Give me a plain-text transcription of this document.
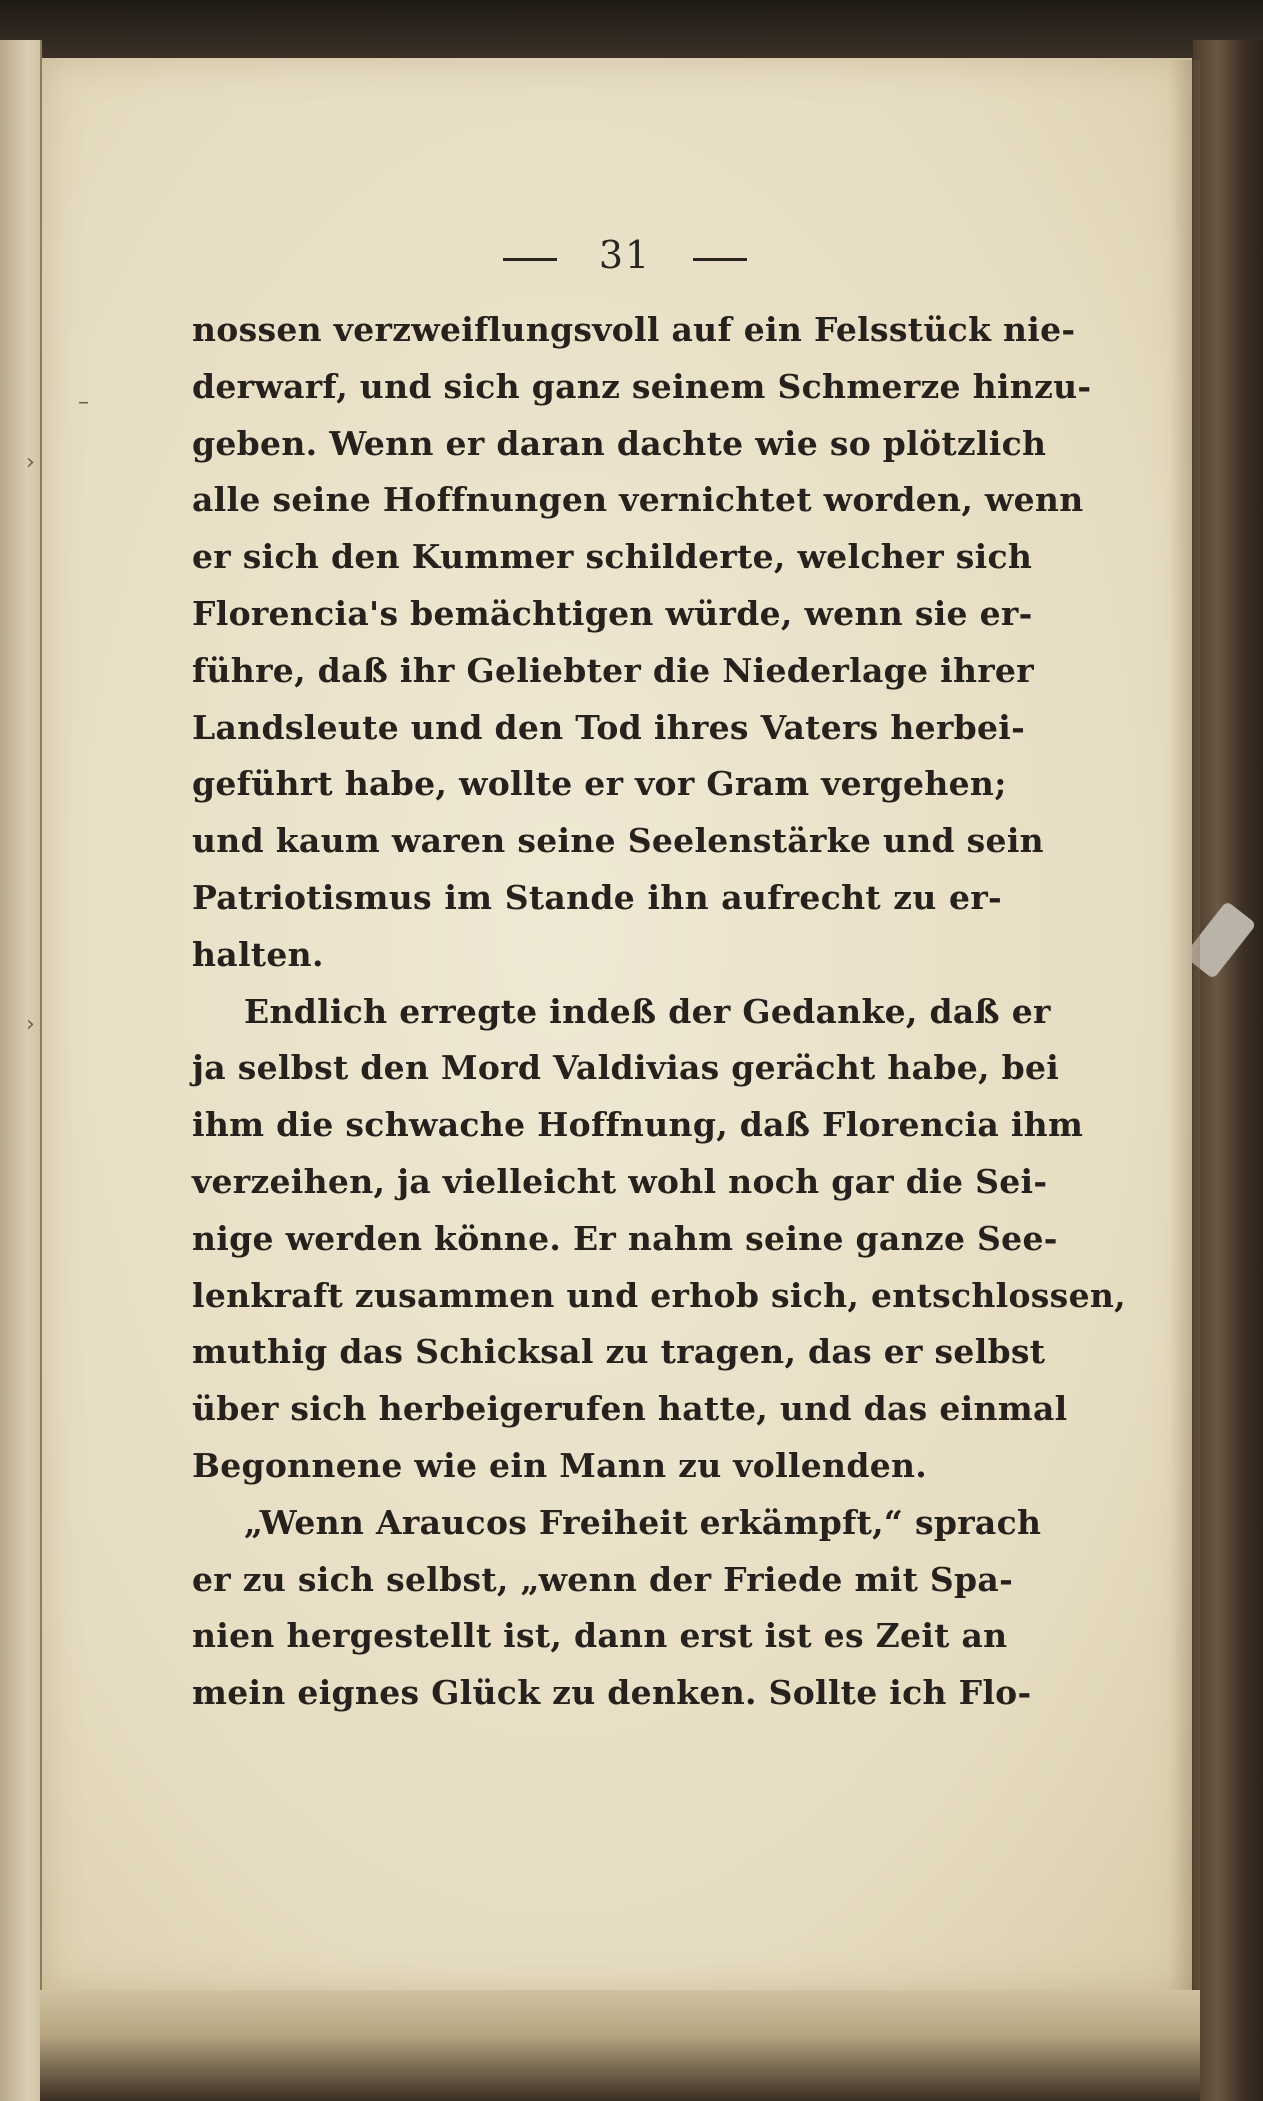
–
›
›
31
nossen verzweiflungsvoll auf ein Felsstück nie-
derwarf, und sich ganz seinem Schmerze hinzu-
geben. Wenn er daran dachte wie so plötzlich
alle seine Hoffnungen vernichtet worden, wenn
er sich den Kummer schilderte, welcher sich
Florencia's bemächtigen würde, wenn sie er-
führe, daß ihr Geliebter die Niederlage ihrer
Landsleute und den Tod ihres Vaters herbei-
geführt habe, wollte er vor Gram vergehen;
und kaum waren seine Seelenstärke und sein
Patriotismus im Stande ihn aufrecht zu er-
halten.
Endlich erregte indeß der Gedanke, daß er
ja selbst den Mord Valdivias gerächt habe, bei
ihm die schwache Hoffnung, daß Florencia ihm
verzeihen, ja vielleicht wohl noch gar die Sei-
nige werden könne. Er nahm seine ganze See-
lenkraft zusammen und erhob sich, entschlossen,
muthig das Schicksal zu tragen, das er selbst
über sich herbeigerufen hatte, und das einmal
Begonnene wie ein Mann zu vollenden.
„Wenn Araucos Freiheit erkämpft,“ sprach
er zu sich selbst, „wenn der Friede mit Spa-
nien hergestellt ist, dann erst ist es Zeit an
mein eignes Glück zu denken. Sollte ich Flo-
